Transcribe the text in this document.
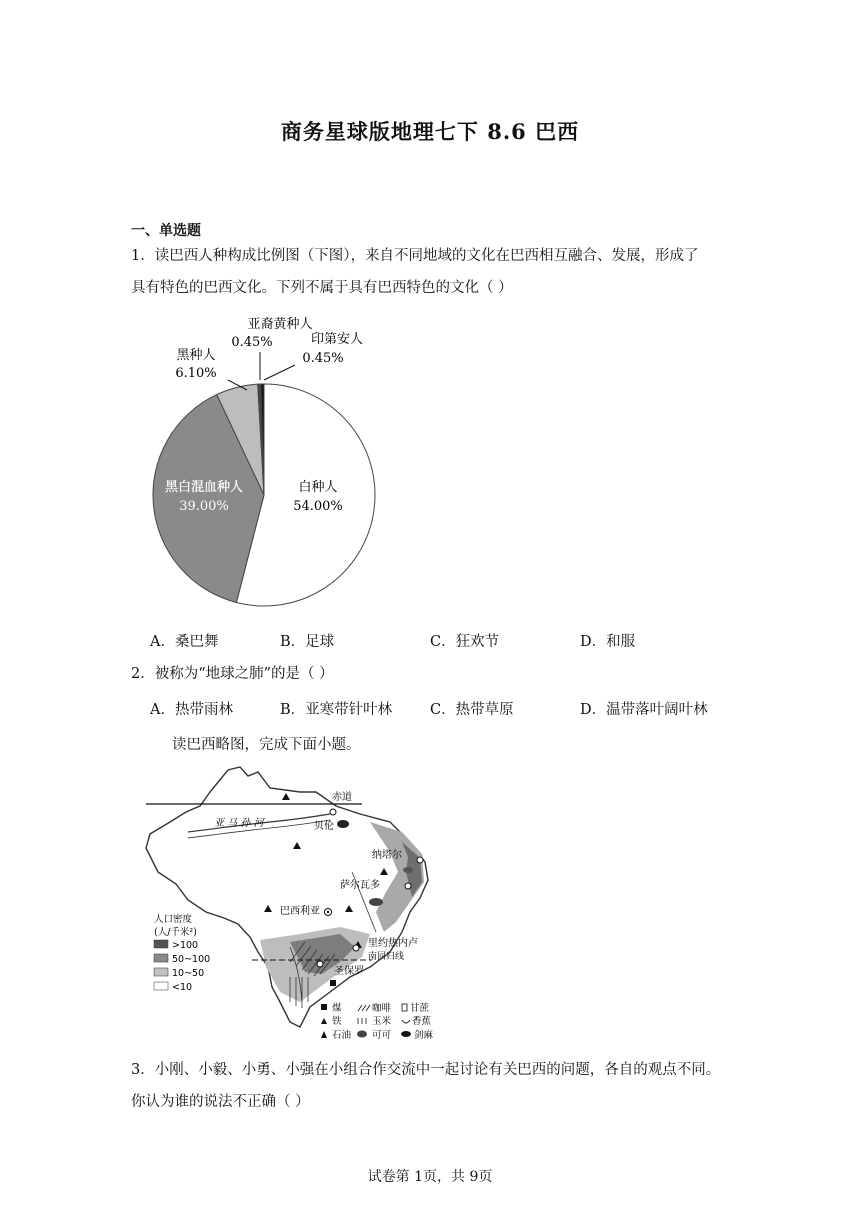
商务星球版地理七下 8.6 巴西
一、单选题
1．读巴西人种构成比例图（下图），来自不同地域的文化在巴西相互融合、发展，形成了
具有特色的巴西文化。下列不属于具有巴西特色的文化（ ）
亚裔黄种人
0.45%	印第安人
0.45%
黑种人
6.10%
黑白混血种人
39.00%
白种人
54.00%
A．桑巴舞	B．足球	C．狂欢节	D．和服
2．被称为“地球之肺”的是（ ）
A．热带雨林	B．亚寒带针叶林	C．热带草原	D．温带落叶阔叶林
读巴西略图，完成下面小题。
赤道
南回归线
亚 马 孙 河	贝伦
纳塔尔
萨尔瓦多
巴西利亚
里约热内卢
圣保罗
人口密度
(人/千米²)
>100
50~100
10~50
<10
煤	咖啡 甘蔗
铁	玉米 香蕉
石油 可可 剑麻
3．小刚、小毅、小勇、小强在小组合作交流中一起讨论有关巴西的问题，各自的观点不同。
你认为谁的说法不正确（ ）
试卷第 1页，共 9页
